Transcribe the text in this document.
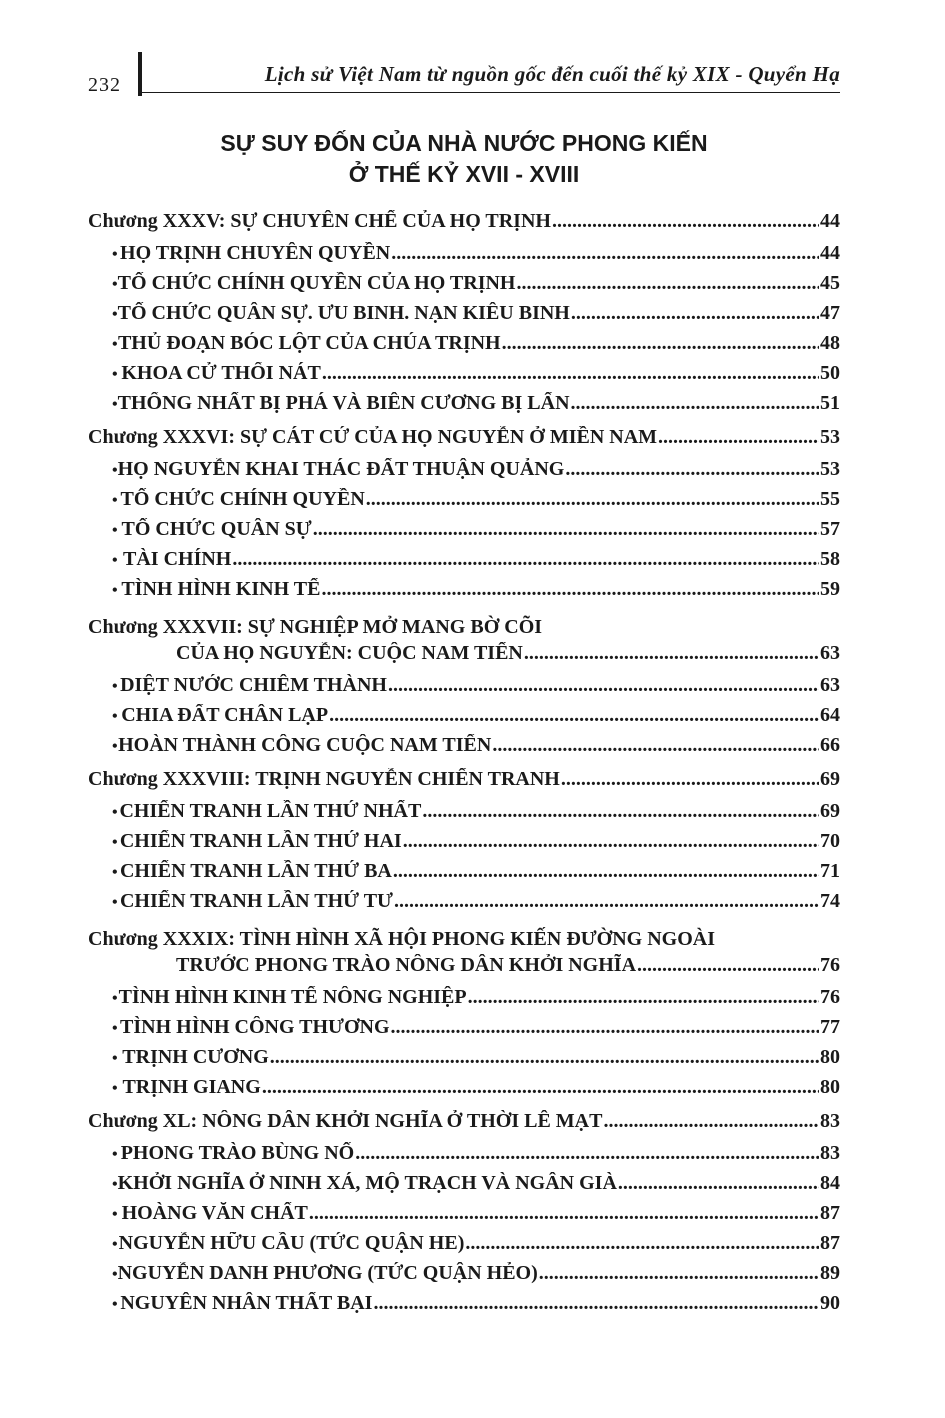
232	Lịch sử Việt Nam từ nguồn gốc đến cuối thế kỷ XIX - Quyển Hạ
SỰ SUY ĐỐN CỦA NHÀ NƯỚC PHONG KIẾN
Ở THẾ KỶ XVII - XVIII
Chương XXXV: SỰ CHUYÊN CHẾ CỦA HỌ TRỊNH .....	44
• HỌ TRỊNH CHUYÊN QUYỀN .....	44
• TỔ CHỨC CHÍNH QUYỀN CỦA HỌ TRỊNH .....	45
• TỔ CHỨC QUÂN SỰ. ƯU BINH. NẠN KIÊU BINH .....	47
• THỦ ĐOẠN BÓC LỘT CỦA CHÚA TRỊNH .....	48
• KHOA CỬ THỐI NÁT .....	50
• THỐNG NHẤT BỊ PHÁ VÀ BIÊN CƯƠNG BỊ LẤN .....	51
Chương XXXVI: SỰ CÁT CỨ CỦA HỌ NGUYỄN Ở MIỀN NAM .....	53
• HỌ NGUYỄN KHAI THÁC ĐẤT THUẬN QUẢNG .....	53
• TỔ CHỨC CHÍNH QUYỀN .....	55
• TỔ CHỨC QUÂN SỰ .....	57
• TÀI CHÍNH .....	58
• TÌNH HÌNH KINH TẾ .....	59
Chương XXXVII: SỰ NGHIỆP MỞ MANG BỜ CÕI
CỦA HỌ NGUYỄN: CUỘC NAM TIẾN .....	63
• DIỆT NƯỚC CHIÊM THÀNH .....	63
• CHIA ĐẤT CHÂN LẠP .....	64
• HOÀN THÀNH CÔNG CUỘC NAM TIẾN .....	66
Chương XXXVIII: TRỊNH NGUYỄN CHIẾN TRANH .....	69
• CHIẾN TRANH LẦN THỨ NHẤT .....	69
• CHIẾN TRANH LẦN THỨ HAI .....	70
• CHIẾN TRANH LẦN THỨ BA .....	71
• CHIẾN TRANH LẦN THỨ TƯ .....	74
Chương XXXIX: TÌNH HÌNH XÃ HỘI PHONG KIẾN ĐƯỜNG NGOÀI
TRƯỚC PHONG TRÀO NÔNG DÂN KHỞI NGHĨA .....	76
• TÌNH HÌNH KINH TẾ NÔNG NGHIỆP .....	76
• TÌNH HÌNH CÔNG THƯƠNG .....	77
• TRỊNH CƯƠNG .....	80
• TRỊNH GIANG .....	80
Chương XL: NÔNG DÂN KHỞI NGHĨA Ở THỜI LÊ MẠT .....	83
• PHONG TRÀO BÙNG NỔ .....	83
• KHỞI NGHĨA Ở NINH XÁ, MỘ TRẠCH VÀ NGÂN GIÀ .....	84
• HOÀNG VĂN CHẤT .....	87
• NGUYỄN HỮU CẦU (TỨC QUẬN HE) .....	87
• NGUYỄN DANH PHƯƠNG (TỨC QUẬN HẺO) .....	89
• NGUYÊN NHÂN THẤT BẠI .....	90
